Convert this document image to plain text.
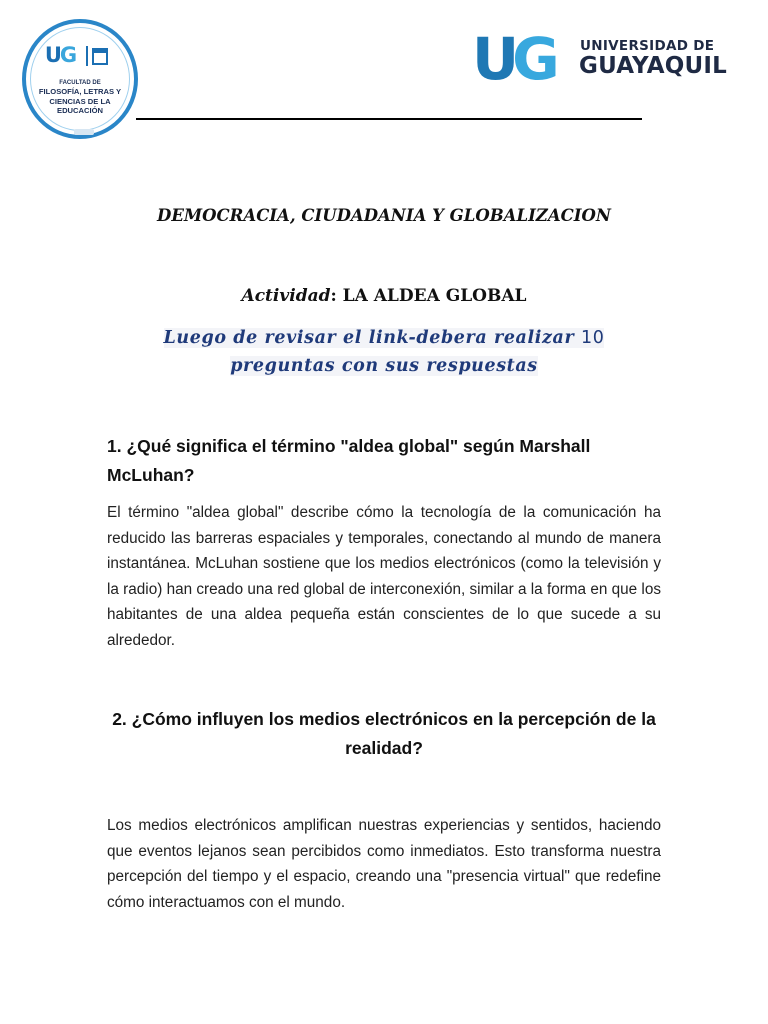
UG
FACULTAD DE
FILOSOFÍA, LETRAS Y CIENCIAS DE LA EDUCACIÓN
UG UNIVERSIDAD DE
GUAYAQUIL
DEMOCRACIA, CIUDADANIA Y GLOBALIZACION
Actividad: LA ALDEA GLOBAL
Luego de revisar el link-debera realizar 10 preguntas con sus respuestas
1. ¿Qué significa el término "aldea global" según Marshall McLuhan?
El término "aldea global" describe cómo la tecnología de la comunicación ha reducido las barreras espaciales y temporales, conectando al mundo de manera instantánea. McLuhan sostiene que los medios electrónicos (como la televisión y la radio) han creado una red global de interconexión, similar a la forma en que los habitantes de una aldea pequeña están conscientes de lo que sucede a su alrededor.
2. ¿Cómo influyen los medios electrónicos en la percepción de la realidad?
Los medios electrónicos amplifican nuestras experiencias y sentidos, haciendo que eventos lejanos sean percibidos como inmediatos. Esto transforma nuestra percepción del tiempo y el espacio, creando una "presencia virtual" que redefine cómo interactuamos con el mundo.
